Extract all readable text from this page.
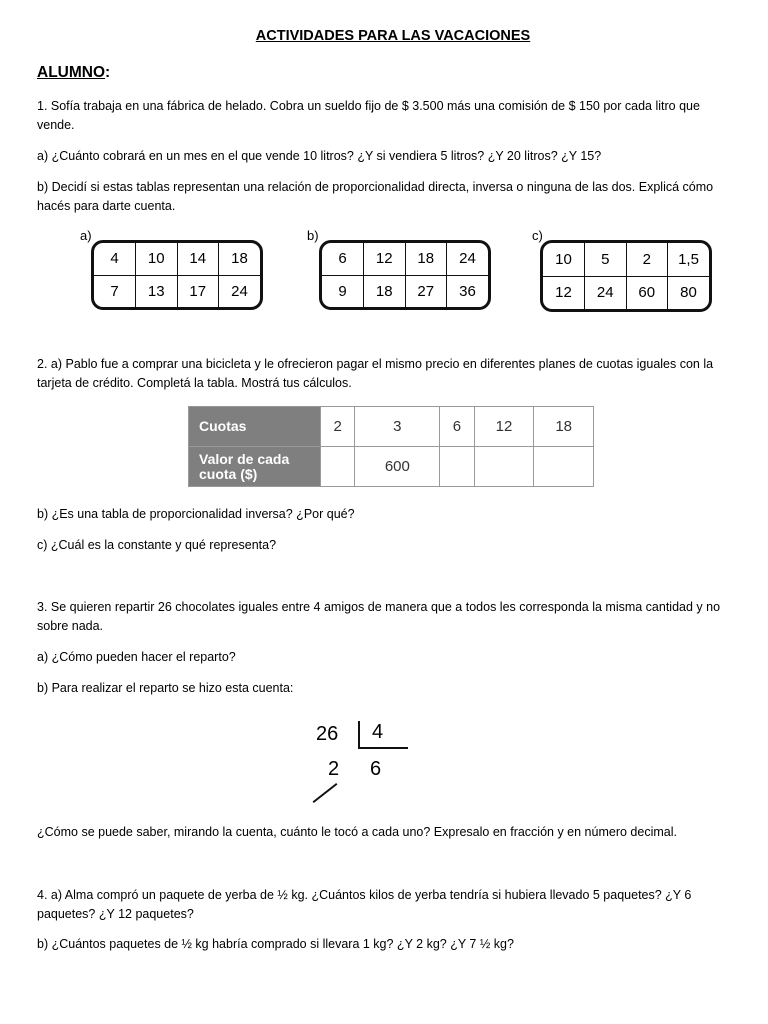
ACTIVIDADES PARA LAS VACACIONES
ALUMNO:
1. Sofía trabaja en una fábrica de helado. Cobra un sueldo fijo de $ 3.500 más una comisión de $ 150 por cada litro que vende.
a) ¿Cuánto cobrará en un mes en el que vende 10 litros? ¿Y si vendiera 5 litros? ¿Y 20 litros? ¿Y 15?
b) Decidí si estas tablas representan una relación de proporcionalidad directa, inversa o ninguna de las dos. Explicá cómo hacés para darte cuenta.
a)
4	10	14	18
7	13	17	24
b)
6	12	18	24
9	18	27	36
c)
10	5	2	1,5
12	24	60	80
2. a) Pablo fue a comprar una bicicleta y le ofrecieron pagar el mismo precio en diferentes planes de cuotas iguales con la tarjeta de crédito. Completá la tabla. Mostrá tus cálculos.
Cuotas	2	3	6	12	18
Valor de cada cuota ($)		600			
b) ¿Es una tabla de proporcionalidad inversa? ¿Por qué?
c) ¿Cuál es la constante y qué representa?
3. Se quieren repartir 26 chocolates iguales entre 4 amigos de manera que a todos les corresponda la misma cantidad y no sobre nada.
a) ¿Cómo pueden hacer el reparto?
b) Para realizar el reparto se hizo esta cuenta:
26 4
2 6
¿Cómo se puede saber, mirando la cuenta, cuánto le tocó a cada uno? Expresalo en fracción y en número decimal.
4. a) Alma compró un paquete de yerba de ½ kg. ¿Cuántos kilos de yerba tendría si hubiera llevado 5 paquetes? ¿Y 6 paquetes? ¿Y 12 paquetes?
b) ¿Cuántos paquetes de ½ kg habría comprado si llevara 1 kg? ¿Y 2 kg? ¿Y 7 ½ kg?
